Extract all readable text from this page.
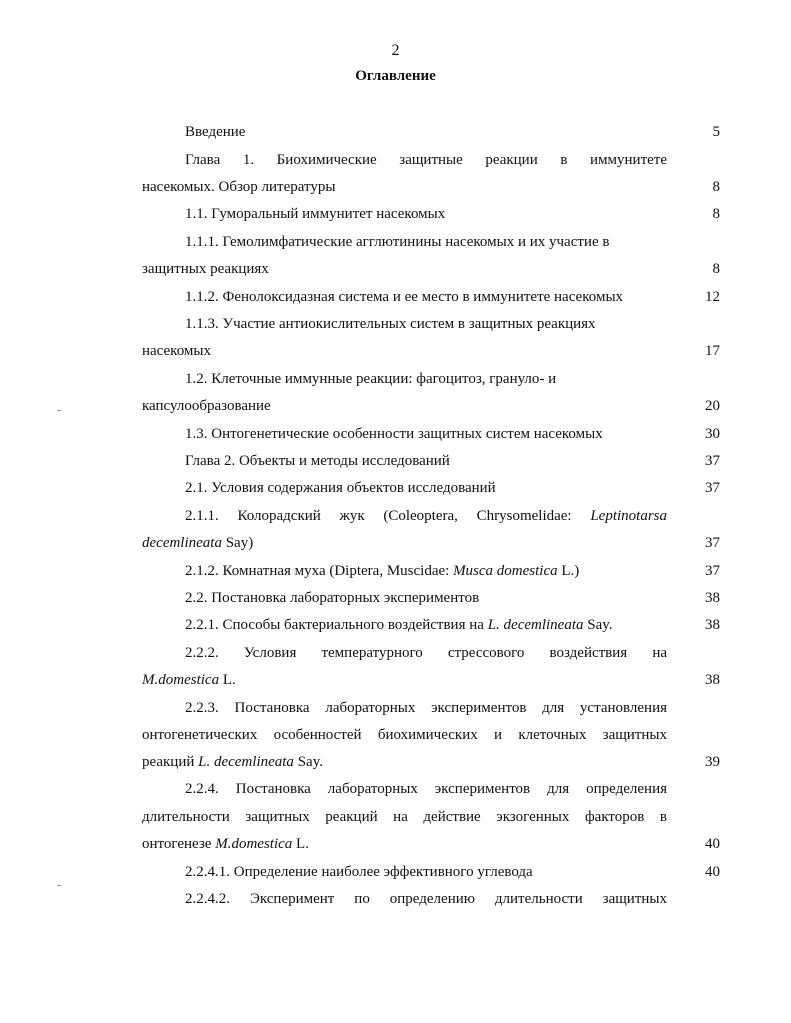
2
Оглавление
Введение
Глава 1. Биохимические защитные реакции в иммунитете
насекомых. Обзор литературы
1.1. Гуморальный иммунитет насекомых
1.1.1. Гемолимфатические агглютинины насекомых и их участие в
защитных реакциях
1.1.2. Фенолоксидазная система и ее место в иммунитете насекомых
1.1.3. Участие антиокислительных систем в защитных реакциях
насекомых
1.2. Клеточные иммунные реакции: фагоцитоз, грануло- и
капсулообразование
1.3. Онтогенетические особенности защитных систем насекомых
Глава 2. Объекты и методы исследований
2.1. Условия содержания объектов исследований
2.1.1. Колорадский жук (Coleoptera, Chrysomelidae: Leptinotarsa
decemlineata Say)
2.1.2. Комнатная муха (Diptera, Muscidae: Musca domestica L.)
2.2. Постановка лабораторных экспериментов
2.2.1. Способы бактериального воздействия на L. decemlineata Say.
2.2.2. Условия температурного стрессового воздействия на
M.domestica L.
2.2.3. Постановка лабораторных экспериментов для установления
онтогенетических особенностей биохимических и клеточных защитных
реакций L. decemlineata Say.
2.2.4. Постановка лабораторных экспериментов для определения
длительности защитных реакций на действие экзогенных факторов в
онтогенезе M.domestica L.
2.2.4.1. Определение наиболее эффективного углевода
2.2.4.2. Эксперимент по определению длительности защитных
5
8
8
8
12
17
20
30
37
37
37
37
38
38
38
39
40
40
